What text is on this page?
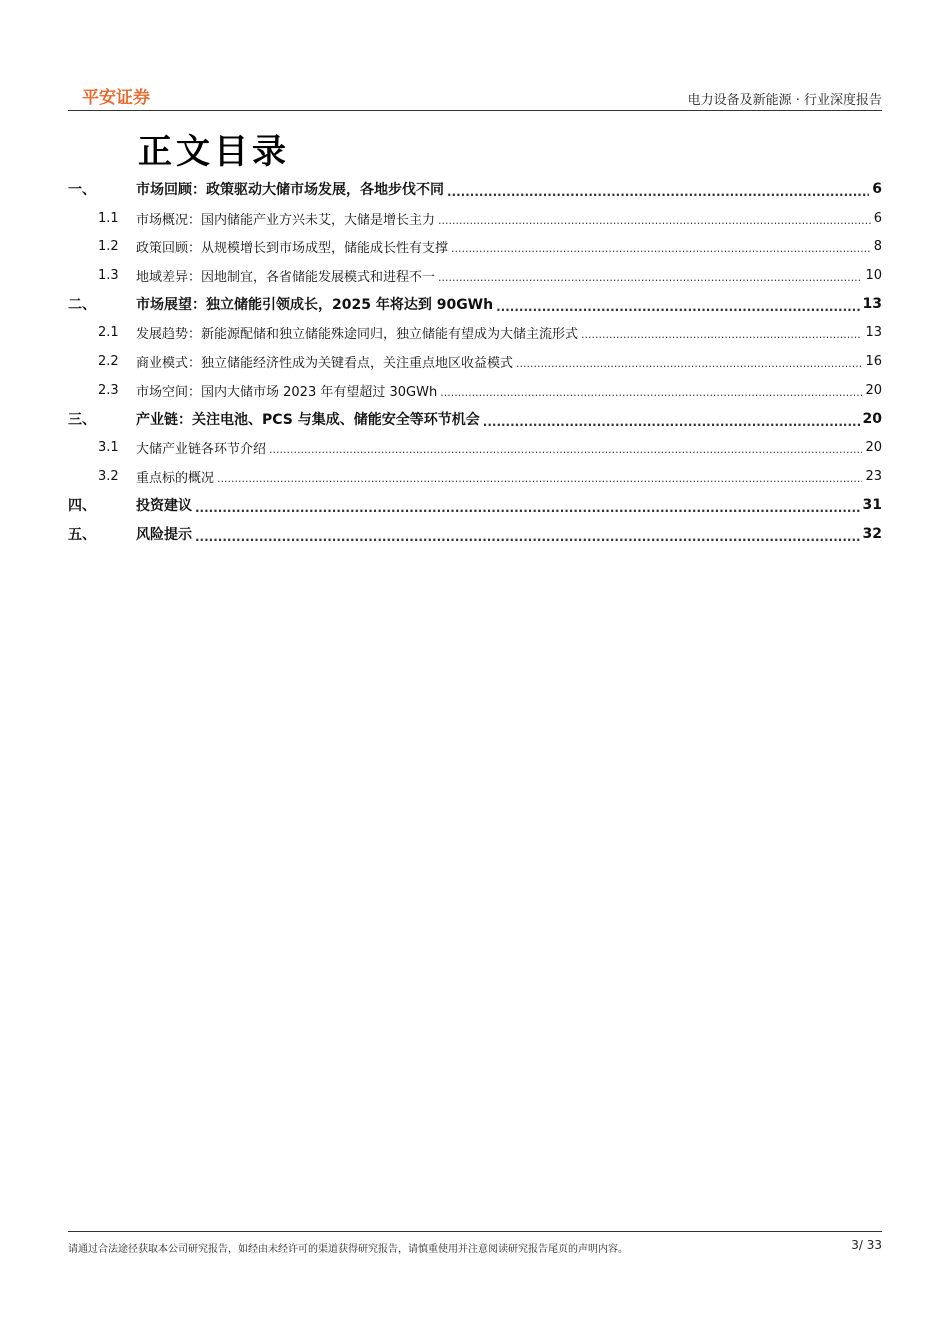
平安证券	电力设备及新能源 · 行业深度报告
正文目录
一、	市场回顾：政策驱动大储市场发展，各地步伐不同 .....	6
1.1	市场概况：国内储能产业方兴未艾，大储是增长主力 .....	6
1.2	政策回顾：从规模增长到市场成型，储能成长性有支撑 .....	8
1.3	地域差异：因地制宜，各省储能发展模式和进程不一 .....	10
二、	市场展望：独立储能引领成长，2025 年将达到 90GWh .....	13
2.1	发展趋势：新能源配储和独立储能殊途同归，独立储能有望成为大储主流形式 .....	13
2.2	商业模式：独立储能经济性成为关键看点，关注重点地区收益模式 .....	16
2.3	市场空间：国内大储市场 2023 年有望超过 30GWh .....	20
三、	产业链：关注电池、PCS 与集成、储能安全等环节机会 .....	20
3.1	大储产业链各环节介绍 .....	20
3.2	重点标的概况 .....	23
四、	投资建议 .....	31
五、	风险提示 .....	32
请通过合法途径获取本公司研究报告，如经由未经许可的渠道获得研究报告，请慎重使用并注意阅读研究报告尾页的声明内容。	3/ 33
